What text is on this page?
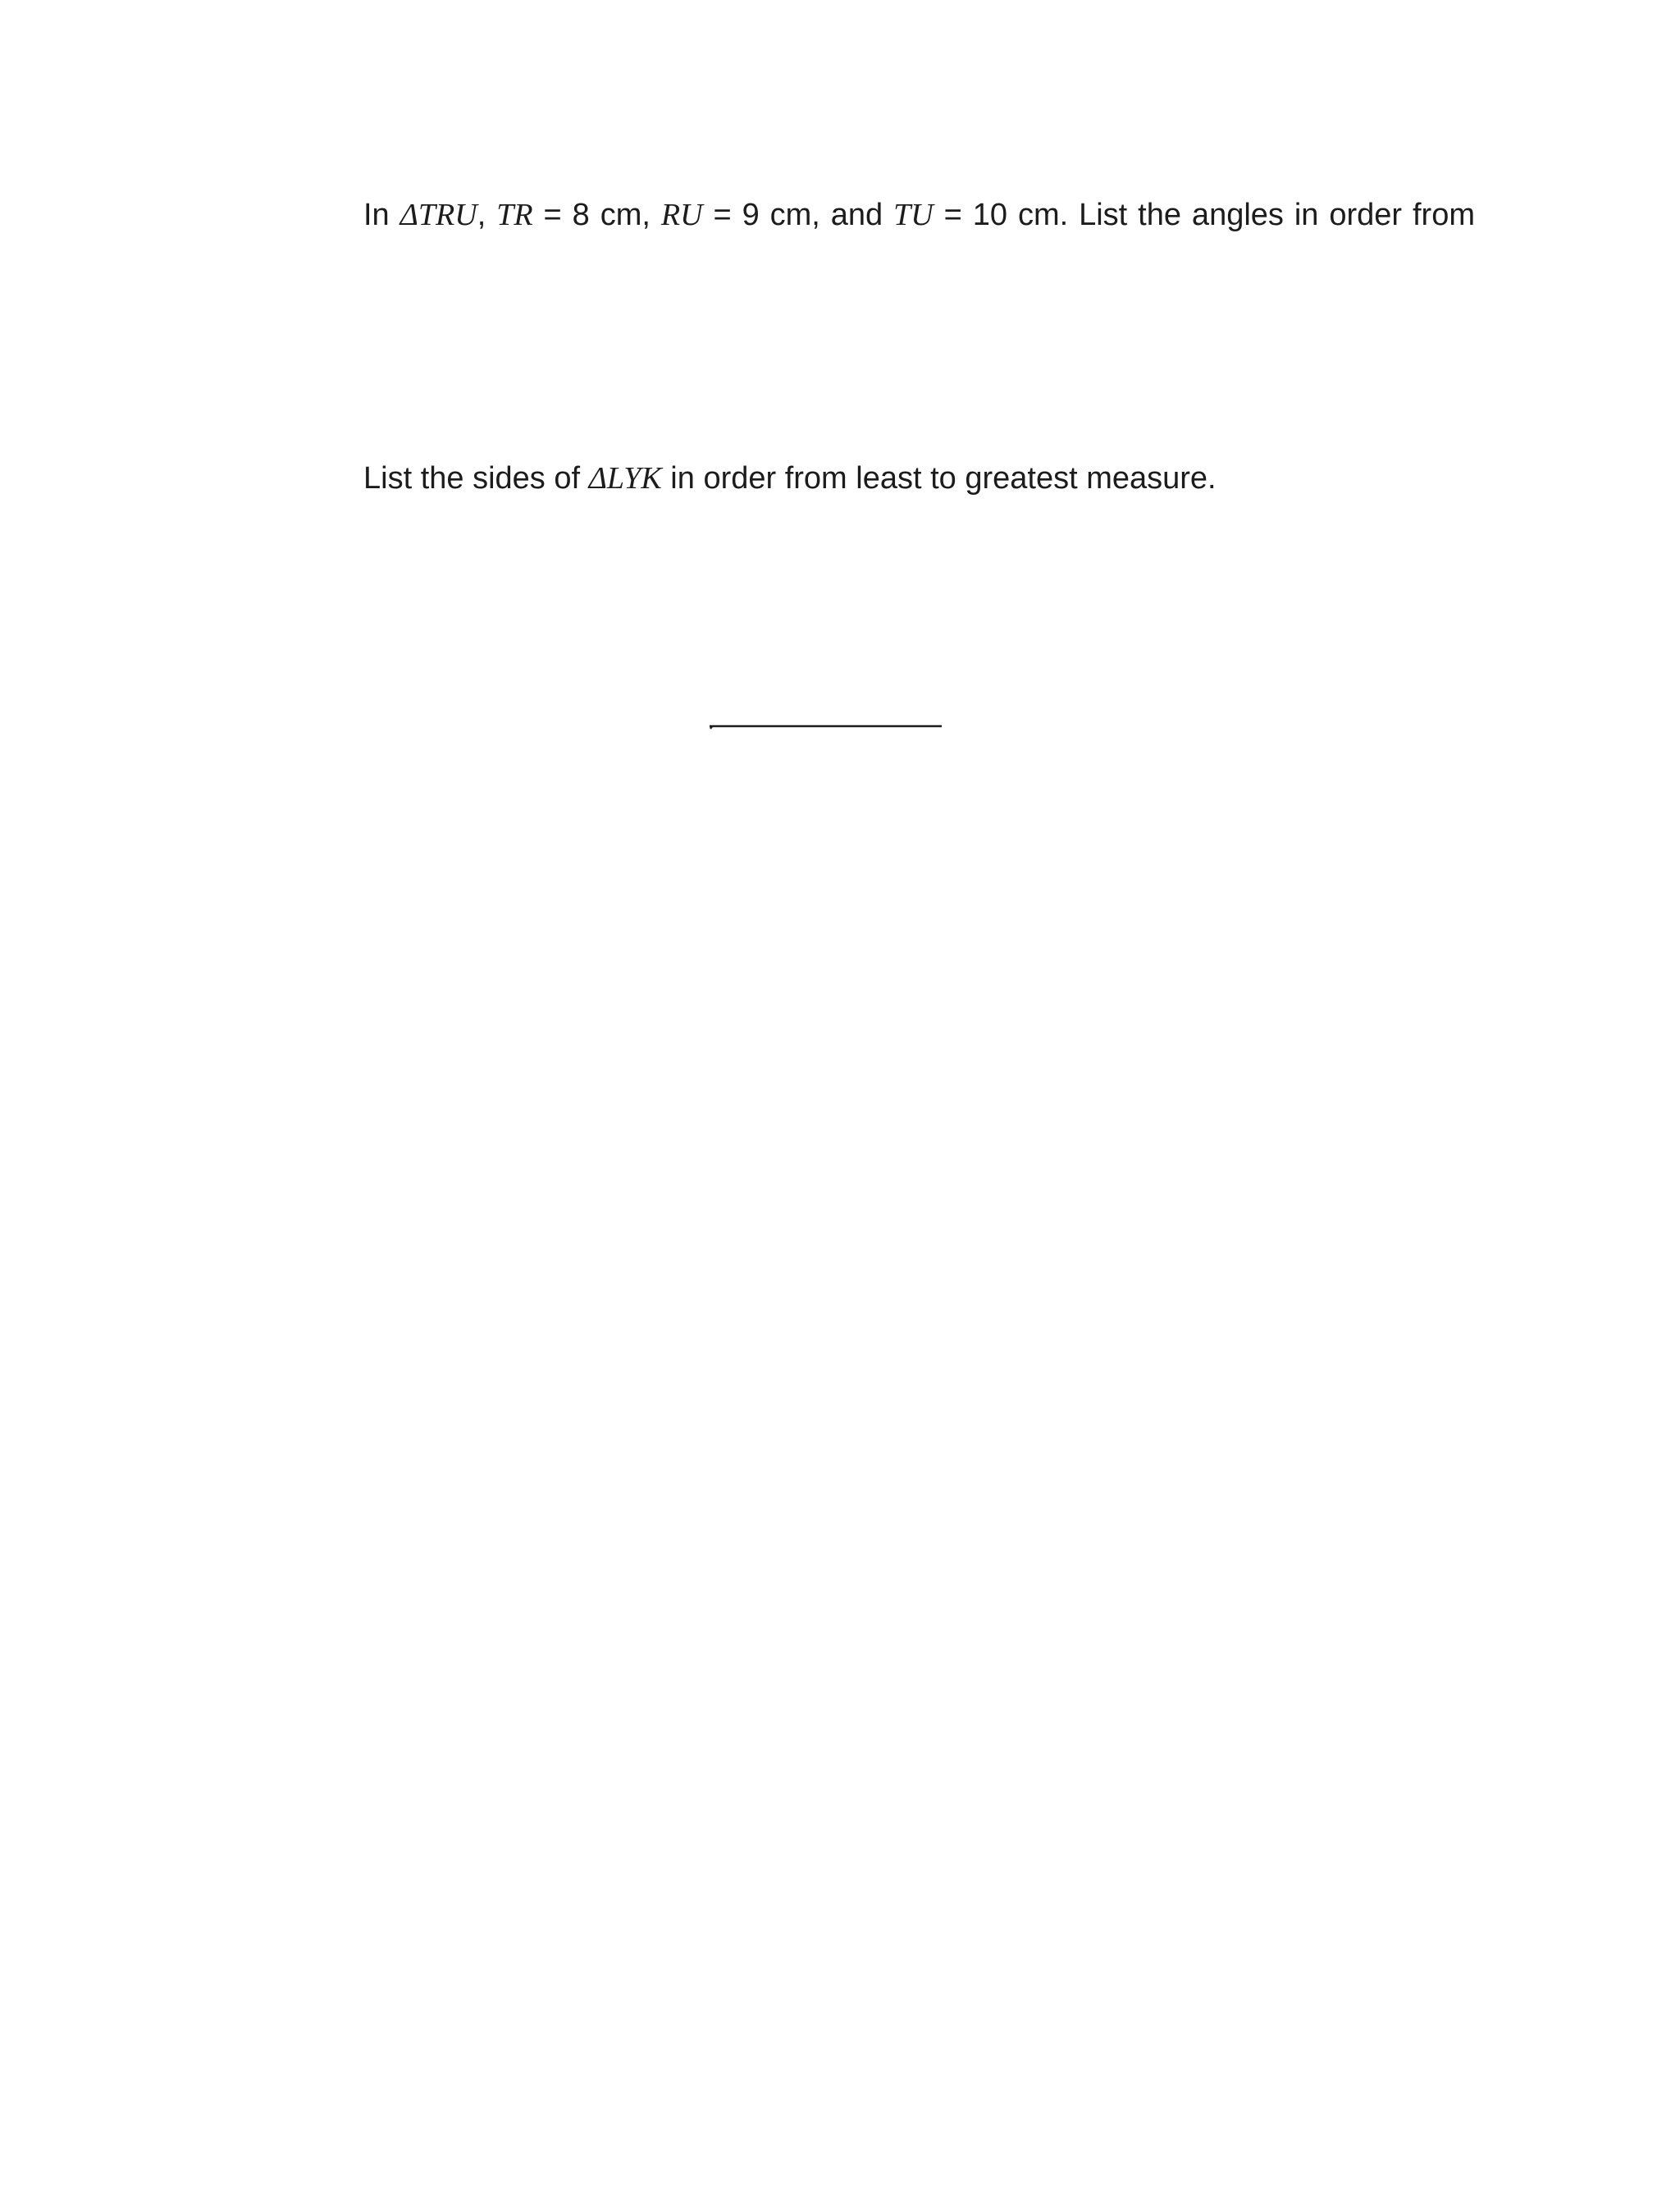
In ΔTRU, TR = 8 cm, RU = 9 cm, and TU = 10 cm. List the angles in order from
List the sides of ΔLYK in order from least to greatest measure.
